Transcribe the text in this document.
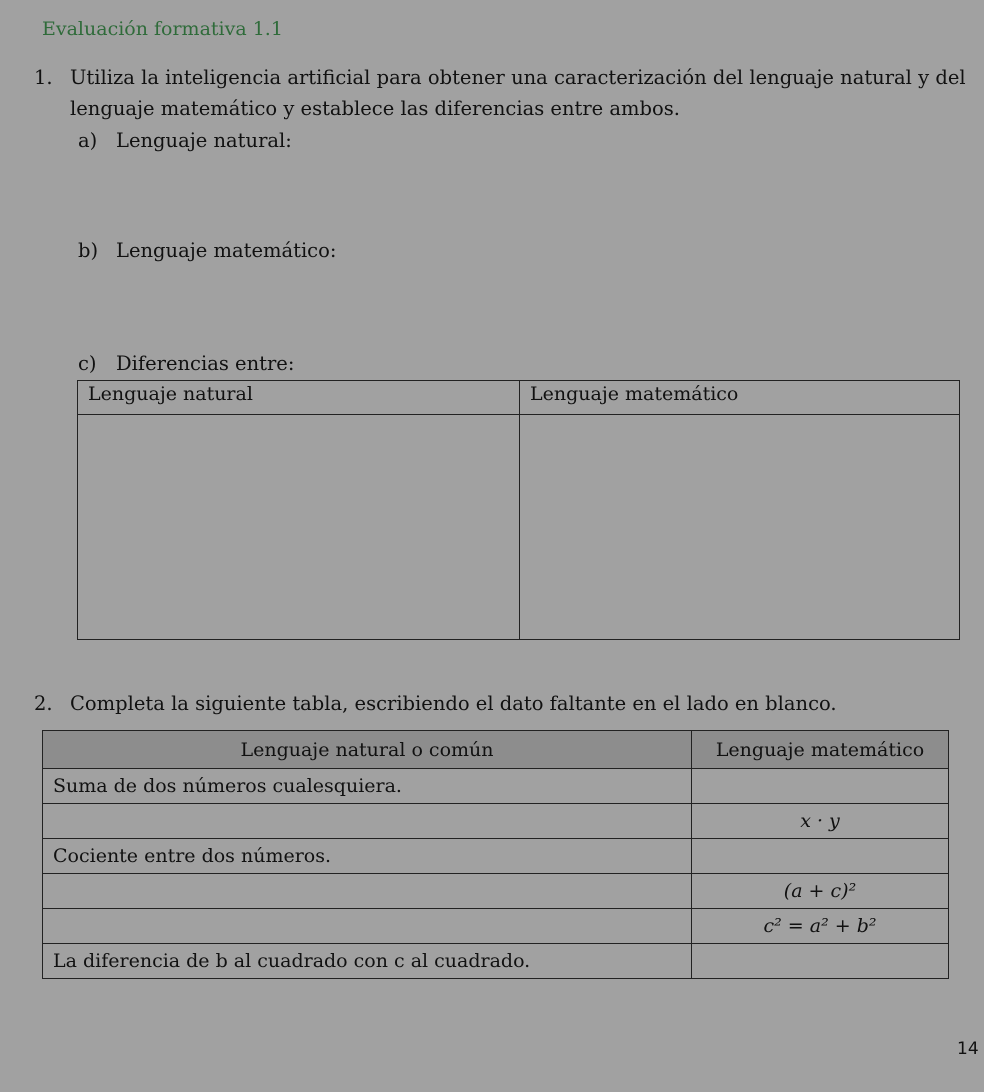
Evaluación formativa 1.1
1. Utiliza la inteligencia artificial para obtener una caracterización del lenguaje natural y del lenguaje matemático y establece las diferencias entre ambos.
a) Lenguaje natural:
b) Lenguaje matemático:
c) Diferencias entre:
Lenguaje natural	Lenguaje matemático

2. Completa la siguiente tabla, escribiendo el dato faltante en el lado en blanco.
Lenguaje natural o común	Lenguaje matemático
Suma de dos números cualesquiera.	
	x · y
Cociente entre dos números.	
	(a + c)²
	c² = a² + b²
La diferencia de b al cuadrado con c al cuadrado.	
14
